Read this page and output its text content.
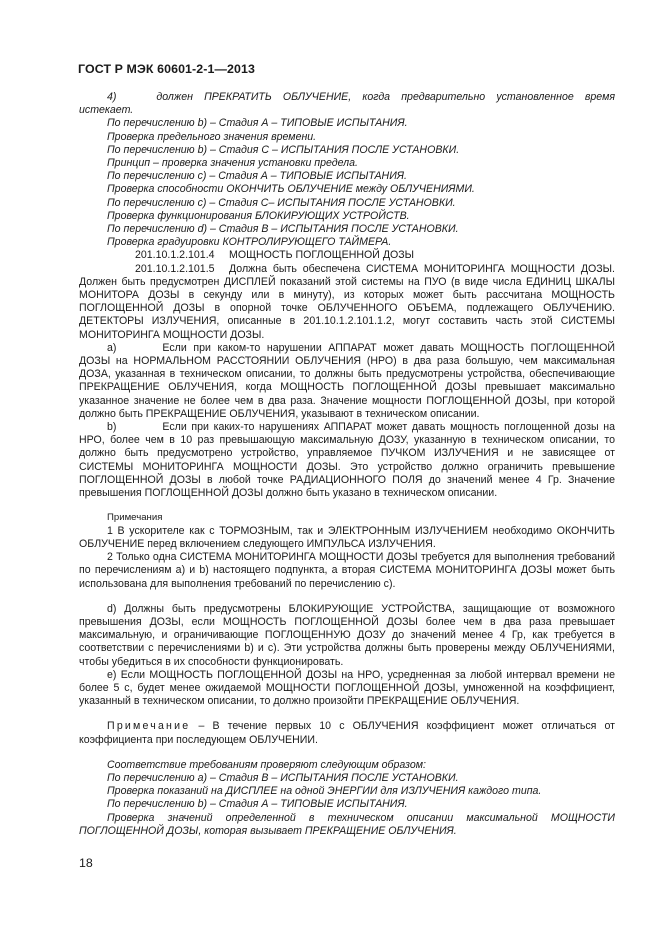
ГОСТ Р МЭК 60601-2-1—2013

4)	должен ПРЕКРАТИТЬ ОБЛУЧЕНИЕ, когда предварительно установленное время истекает.

По перечислению b) – Стадия А – ТИПОВЫЕ ИСПЫТАНИЯ.

Проверка предельного значения времени.

По перечислению b) – Стадия С – ИСПЫТАНИЯ ПОСЛЕ УСТАНОВКИ.

Принцип – проверка значения установки предела.

По перечислению с) – Стадия А – ТИПОВЫЕ ИСПЫТАНИЯ.

Проверка способности ОКОНЧИТЬ ОБЛУЧЕНИЕ между ОБЛУЧЕНИЯМИ.

По перечислению с) – Стадия С– ИСПЫТАНИЯ ПОСЛЕ УСТАНОВКИ.

Проверка функционирования БЛОКИРУЮЩИХ УСТРОЙСТВ.

По перечислению d) – Стадия В – ИСПЫТАНИЯ ПОСЛЕ УСТАНОВКИ.

Проверка градуировки КОНТРОЛИРУЮЩЕГО ТАЙМЕРА.

201.10.1.2.101.4 МОЩНОСТЬ ПОГЛОЩЕННОЙ ДОЗЫ

201.10.1.2.101.5 Должна быть обеспечена СИСТЕМА МОНИТОРИНГА МОЩНОСТИ ДОЗЫ. Должен быть предусмотрен ДИСПЛЕЙ показаний этой системы на ПУО (в виде числа ЕДИНИЦ ШКАЛЫ МОНИТОРА ДОЗЫ в секунду или в минуту), из которых может быть рассчитана МОЩНОСТЬ ПОГЛОЩЕННОЙ ДОЗЫ в опорной точке ОБЛУЧЕННОГО ОБЪЕМА, подлежащего ОБЛУЧЕНИЮ. ДЕТЕКТОРЫ ИЗЛУЧЕНИЯ, описанные в 201.10.1.2.101.1.2, могут составить часть этой СИСТЕМЫ МОНИТОРИНГА МОЩНОСТИ ДОЗЫ.

a)	Если при каком-то нарушении АППАРАТ может давать МОЩНОСТЬ ПОГЛОЩЕННОЙ ДОЗЫ на НОРМАЛЬНОМ РАССТОЯНИИ ОБЛУЧЕНИЯ (НРО) в два раза большую, чем максимальная ДОЗА, указанная в техническом описании, то должны быть предусмотрены устройства, обеспечивающие ПРЕКРАЩЕНИЕ ОБЛУЧЕНИЯ, когда МОЩНОСТЬ ПОГЛОЩЕННОЙ ДОЗЫ превышает максимально указанное значение не более чем в два раза. Значение мощности ПОГЛОЩЕННОЙ ДОЗЫ, при которой должно быть ПРЕКРАЩЕНИЕ ОБЛУЧЕНИЯ, указывают в техническом описании.

b)	Если при каких-то нарушениях АППАРАТ может давать мощность поглощенной дозы на НРО, более чем в 10 раз превышающую максимальную ДОЗУ, указанную в техническом описании, то должно быть предусмотрено устройство, управляемое ПУЧКОМ ИЗЛУЧЕНИЯ и не зависящее от СИСТЕМЫ МОНИТОРИНГА МОЩНОСТИ ДОЗЫ. Это устройство должно ограничить превышение ПОГЛОЩЕННОЙ ДОЗЫ в любой точке РАДИАЦИОННОГО ПОЛЯ до значений менее 4 Гр. Значение превышения ПОГЛОЩЕННОЙ ДОЗЫ должно быть указано в техническом описании.

Примечания

1 В ускорителе как с ТОРМОЗНЫМ, так и ЭЛЕКТРОННЫМ ИЗЛУЧЕНИЕМ необходимо ОКОНЧИТЬ ОБЛУЧЕНИЕ перед включением следующего ИМПУЛЬСА ИЗЛУЧЕНИЯ.

2 Только одна СИСТЕМА МОНИТОРИНГА МОЩНОСТИ ДОЗЫ требуется для выполнения требований по перечислениям а) и b) настоящего подпункта, а вторая СИСТЕМА МОНИТОРИНГА ДОЗЫ может быть использована для выполнения требований по перечислению с).

d) Должны быть предусмотрены БЛОКИРУЮЩИЕ УСТРОЙСТВА, защищающие от возможного превышения ДОЗЫ, если МОЩНОСТЬ ПОГЛОЩЕННОЙ ДОЗЫ более чем в два раза превышает максимальную, и ограничивающие ПОГЛОЩЕННУЮ ДОЗУ до значений менее 4 Гр, как требуется в соответствии с перечислениями b) и с). Эти устройства должны быть проверены между ОБЛУЧЕНИЯМИ, чтобы убедиться в их способности функционировать.

e) Если МОЩНОСТЬ ПОГЛОЩЕННОЙ ДОЗЫ на НРО, усредненная за любой интервал времени не более 5 с, будет менее ожидаемой МОЩНОСТИ ПОГЛОЩЕННОЙ ДОЗЫ, умноженной на коэффициент, указанный в техническом описании, то должно произойти ПРЕКРАЩЕНИЕ ОБЛУЧЕНИЯ.

Примечание – В течение первых 10 с ОБЛУЧЕНИЯ коэффициент может отличаться от коэффициента при последующем ОБЛУЧЕНИИ.

Соответствие требованиям проверяют следующим образом:

По перечислению а) – Стадия В – ИСПЫТАНИЯ ПОСЛЕ УСТАНОВКИ.

Проверка показаний на ДИСПЛЕЕ на одной ЭНЕРГИИ для ИЗЛУЧЕНИЯ каждого типа.

По перечислению b) – Стадия А – ТИПОВЫЕ ИСПЫТАНИЯ.

Проверка значений определенной в техническом описании максимальной МОЩНОСТИ ПОГЛОЩЕННОЙ ДОЗЫ, которая вызывает ПРЕКРАЩЕНИЕ ОБЛУЧЕНИЯ.

18
